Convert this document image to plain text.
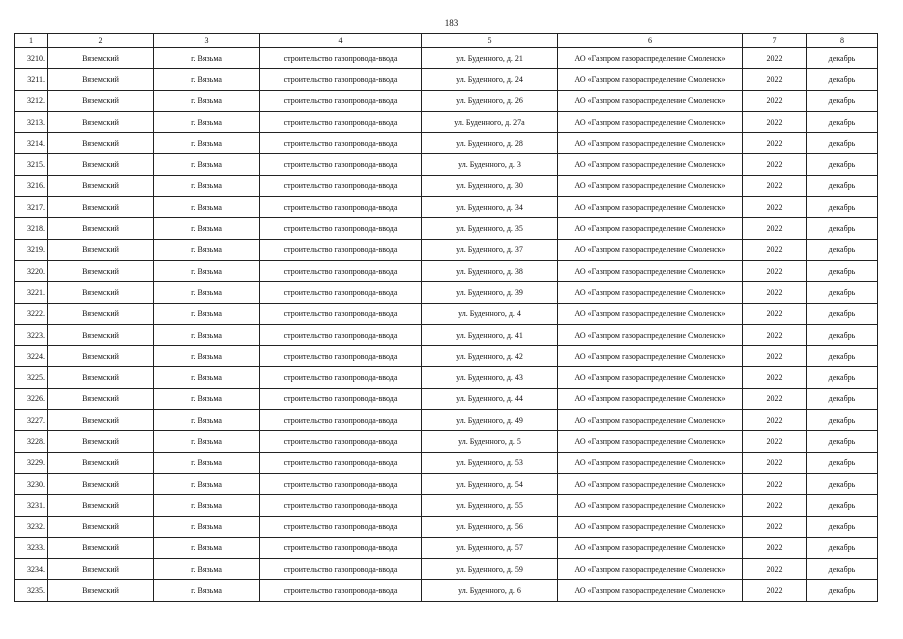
183
1	2	3	4	5	6	7	8
3210.	Вяземский	г. Вязьма	строительство газопровода-ввода	ул. Буденного, д. 21	АО «Газпром газораспределение Смоленск»	2022	декабрь
3211.	Вяземский	г. Вязьма	строительство газопровода-ввода	ул. Буденного, д. 24	АО «Газпром газораспределение Смоленск»	2022	декабрь
3212.	Вяземский	г. Вязьма	строительство газопровода-ввода	ул. Буденного, д. 26	АО «Газпром газораспределение Смоленск»	2022	декабрь
3213.	Вяземский	г. Вязьма	строительство газопровода-ввода	ул. Буденного, д. 27а	АО «Газпром газораспределение Смоленск»	2022	декабрь
3214.	Вяземский	г. Вязьма	строительство газопровода-ввода	ул. Буденного, д. 28	АО «Газпром газораспределение Смоленск»	2022	декабрь
3215.	Вяземский	г. Вязьма	строительство газопровода-ввода	ул. Буденного, д. 3	АО «Газпром газораспределение Смоленск»	2022	декабрь
3216.	Вяземский	г. Вязьма	строительство газопровода-ввода	ул. Буденного, д. 30	АО «Газпром газораспределение Смоленск»	2022	декабрь
3217.	Вяземский	г. Вязьма	строительство газопровода-ввода	ул. Буденного, д. 34	АО «Газпром газораспределение Смоленск»	2022	декабрь
3218.	Вяземский	г. Вязьма	строительство газопровода-ввода	ул. Буденного, д. 35	АО «Газпром газораспределение Смоленск»	2022	декабрь
3219.	Вяземский	г. Вязьма	строительство газопровода-ввода	ул. Буденного, д. 37	АО «Газпром газораспределение Смоленск»	2022	декабрь
3220.	Вяземский	г. Вязьма	строительство газопровода-ввода	ул. Буденного, д. 38	АО «Газпром газораспределение Смоленск»	2022	декабрь
3221.	Вяземский	г. Вязьма	строительство газопровода-ввода	ул. Буденного, д. 39	АО «Газпром газораспределение Смоленск»	2022	декабрь
3222.	Вяземский	г. Вязьма	строительство газопровода-ввода	ул. Буденного, д. 4	АО «Газпром газораспределение Смоленск»	2022	декабрь
3223.	Вяземский	г. Вязьма	строительство газопровода-ввода	ул. Буденного, д. 41	АО «Газпром газораспределение Смоленск»	2022	декабрь
3224.	Вяземский	г. Вязьма	строительство газопровода-ввода	ул. Буденного, д. 42	АО «Газпром газораспределение Смоленск»	2022	декабрь
3225.	Вяземский	г. Вязьма	строительство газопровода-ввода	ул. Буденного, д. 43	АО «Газпром газораспределение Смоленск»	2022	декабрь
3226.	Вяземский	г. Вязьма	строительство газопровода-ввода	ул. Буденного, д. 44	АО «Газпром газораспределение Смоленск»	2022	декабрь
3227.	Вяземский	г. Вязьма	строительство газопровода-ввода	ул. Буденного, д. 49	АО «Газпром газораспределение Смоленск»	2022	декабрь
3228.	Вяземский	г. Вязьма	строительство газопровода-ввода	ул. Буденного, д. 5	АО «Газпром газораспределение Смоленск»	2022	декабрь
3229.	Вяземский	г. Вязьма	строительство газопровода-ввода	ул. Буденного, д. 53	АО «Газпром газораспределение Смоленск»	2022	декабрь
3230.	Вяземский	г. Вязьма	строительство газопровода-ввода	ул. Буденного, д. 54	АО «Газпром газораспределение Смоленск»	2022	декабрь
3231.	Вяземский	г. Вязьма	строительство газопровода-ввода	ул. Буденного, д. 55	АО «Газпром газораспределение Смоленск»	2022	декабрь
3232.	Вяземский	г. Вязьма	строительство газопровода-ввода	ул. Буденного, д. 56	АО «Газпром газораспределение Смоленск»	2022	декабрь
3233.	Вяземский	г. Вязьма	строительство газопровода-ввода	ул. Буденного, д. 57	АО «Газпром газораспределение Смоленск»	2022	декабрь
3234.	Вяземский	г. Вязьма	строительство газопровода-ввода	ул. Буденного, д. 59	АО «Газпром газораспределение Смоленск»	2022	декабрь
3235.	Вяземский	г. Вязьма	строительство газопровода-ввода	ул. Буденного, д. 6	АО «Газпром газораспределение Смоленск»	2022	декабрь
